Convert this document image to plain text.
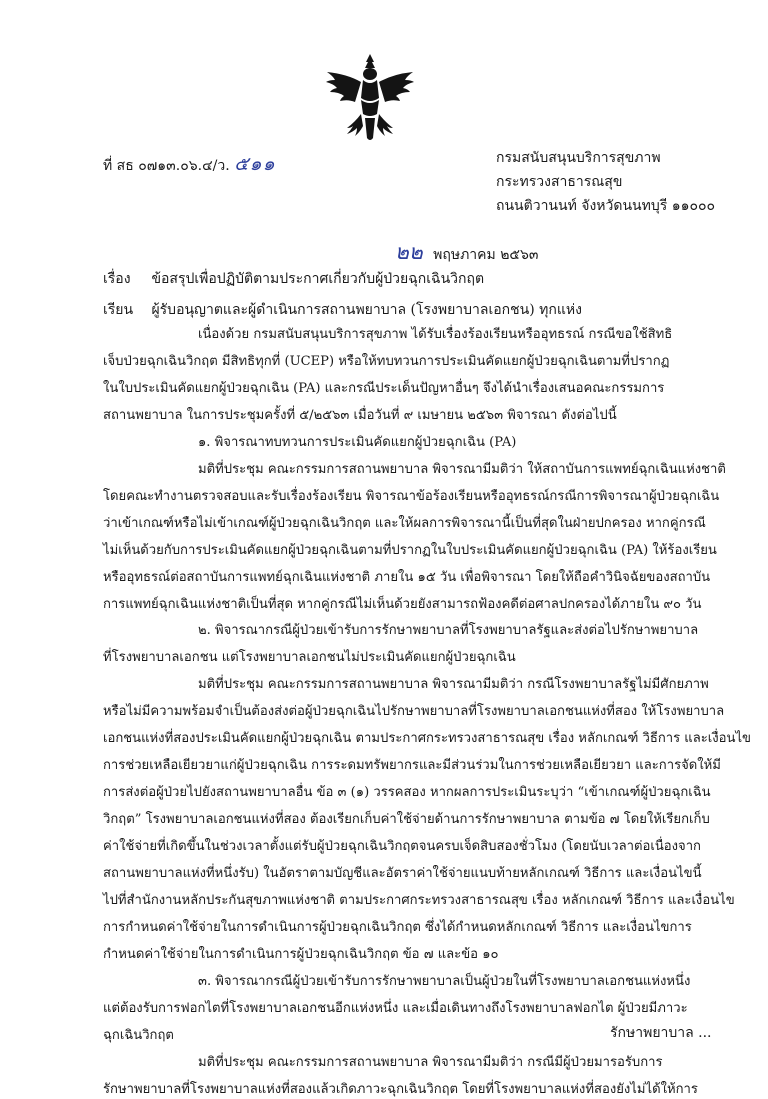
ที่ สธ ๐๗๑๓.๐๖.๔/ว. ๕๑๑	กรมสนับสนุนบริการสุขภาพ
กระทรวงสาธารณสุข
ถนนติวานนท์ จังหวัดนนทบุรี ๑๑๐๐๐
๒๒ พฤษภาคม ๒๕๖๓
เรื่อง ข้อสรุปเพื่อปฏิบัติตามประกาศเกี่ยวกับผู้ป่วยฉุกเฉินวิกฤต
เรียน ผู้รับอนุญาตและผู้ดำเนินการสถานพยาบาล (โรงพยาบาลเอกชน) ทุกแห่ง
เนื่องด้วย กรมสนับสนุนบริการสุขภาพ ได้รับเรื่องร้องเรียนหรืออุทธรณ์ กรณีขอใช้สิทธิ
เจ็บป่วยฉุกเฉินวิกฤต มีสิทธิทุกที่ (UCEP) หรือให้ทบทวนการประเมินคัดแยกผู้ป่วยฉุกเฉินตามที่ปรากฏ
ในใบประเมินคัดแยกผู้ป่วยฉุกเฉิน (PA) และกรณีประเด็นปัญหาอื่นๆ จึงได้นำเรื่องเสนอคณะกรรมการ
สถานพยาบาล ในการประชุมครั้งที่ ๕/๒๕๖๓ เมื่อวันที่ ๙ เมษายน ๒๕๖๓ พิจารณา ดังต่อไปนี้
๑. พิจารณาทบทวนการประเมินคัดแยกผู้ป่วยฉุกเฉิน (PA)
มติที่ประชุม คณะกรรมการสถานพยาบาล พิจารณามีมติว่า ให้สถาบันการแพทย์ฉุกเฉินแห่งชาติ
โดยคณะทำงานตรวจสอบและรับเรื่องร้องเรียน พิจารณาข้อร้องเรียนหรืออุทธรณ์กรณีการพิจารณาผู้ป่วยฉุกเฉิน
ว่าเข้าเกณฑ์หรือไม่เข้าเกณฑ์ผู้ป่วยฉุกเฉินวิกฤต และให้ผลการพิจารณานี้เป็นที่สุดในฝ่ายปกครอง หากคู่กรณี
ไม่เห็นด้วยกับการประเมินคัดแยกผู้ป่วยฉุกเฉินตามที่ปรากฏในใบประเมินคัดแยกผู้ป่วยฉุกเฉิน (PA) ให้ร้องเรียน
หรืออุทธรณ์ต่อสถาบันการแพทย์ฉุกเฉินแห่งชาติ ภายใน ๑๕ วัน เพื่อพิจารณา โดยให้ถือคำวินิจฉัยของสถาบัน
การแพทย์ฉุกเฉินแห่งชาติเป็นที่สุด หากคู่กรณีไม่เห็นด้วยยังสามารถฟ้องคดีต่อศาลปกครองได้ภายใน ๙๐ วัน
๒. พิจารณากรณีผู้ป่วยเข้ารับการรักษาพยาบาลที่โรงพยาบาลรัฐและส่งต่อไปรักษาพยาบาล
ที่โรงพยาบาลเอกชน แต่โรงพยาบาลเอกชนไม่ประเมินคัดแยกผู้ป่วยฉุกเฉิน
มติที่ประชุม คณะกรรมการสถานพยาบาล พิจารณามีมติว่า กรณีโรงพยาบาลรัฐไม่มีศักยภาพ
หรือไม่มีความพร้อมจำเป็นต้องส่งต่อผู้ป่วยฉุกเฉินไปรักษาพยาบาลที่โรงพยาบาลเอกชนแห่งที่สอง ให้โรงพยาบาล
เอกชนแห่งที่สองประเมินคัดแยกผู้ป่วยฉุกเฉิน ตามประกาศกระทรวงสาธารณสุข เรื่อง หลักเกณฑ์ วิธีการ และเงื่อนไข
การช่วยเหลือเยียวยาแก่ผู้ป่วยฉุกเฉิน การระดมทรัพยากรและมีส่วนร่วมในการช่วยเหลือเยียวยา และการจัดให้มี
การส่งต่อผู้ป่วยไปยังสถานพยาบาลอื่น ข้อ ๓ (๑) วรรคสอง หากผลการประเมินระบุว่า “เข้าเกณฑ์ผู้ป่วยฉุกเฉิน
วิกฤต” โรงพยาบาลเอกชนแห่งที่สอง ต้องเรียกเก็บค่าใช้จ่ายด้านการรักษาพยาบาล ตามข้อ ๗ โดยให้เรียกเก็บ
ค่าใช้จ่ายที่เกิดขึ้นในช่วงเวลาตั้งแต่รับผู้ป่วยฉุกเฉินวิกฤตจนครบเจ็ดสิบสองชั่วโมง (โดยนับเวลาต่อเนื่องจาก
สถานพยาบาลแห่งที่หนึ่งรับ) ในอัตราตามบัญชีและอัตราค่าใช้จ่ายแนบท้ายหลักเกณฑ์ วิธีการ และเงื่อนไขนี้
ไปที่สำนักงานหลักประกันสุขภาพแห่งชาติ ตามประกาศกระทรวงสาธารณสุข เรื่อง หลักเกณฑ์ วิธีการ และเงื่อนไข
การกำหนดค่าใช้จ่ายในการดำเนินการผู้ป่วยฉุกเฉินวิกฤต ซึ่งได้กำหนดหลักเกณฑ์ วิธีการ และเงื่อนไขการ
กำหนดค่าใช้จ่ายในการดำเนินการผู้ป่วยฉุกเฉินวิกฤต ข้อ ๗ และข้อ ๑๐
๓. พิจารณากรณีผู้ป่วยเข้ารับการรักษาพยาบาลเป็นผู้ป่วยในที่โรงพยาบาลเอกชนแห่งหนึ่ง
แต่ต้องรับการฟอกไตที่โรงพยาบาลเอกชนอีกแห่งหนึ่ง และเมื่อเดินทางถึงโรงพยาบาลฟอกไต ผู้ป่วยมีภาวะ
ฉุกเฉินวิกฤต
มติที่ประชุม คณะกรรมการสถานพยาบาล พิจารณามีมติว่า กรณีมีผู้ป่วยมารอรับการ
รักษาพยาบาลที่โรงพยาบาลแห่งที่สองแล้วเกิดภาวะฉุกเฉินวิกฤต โดยที่โรงพยาบาลแห่งที่สองยังไม่ได้ให้การ
รักษาพยาบาล ...
